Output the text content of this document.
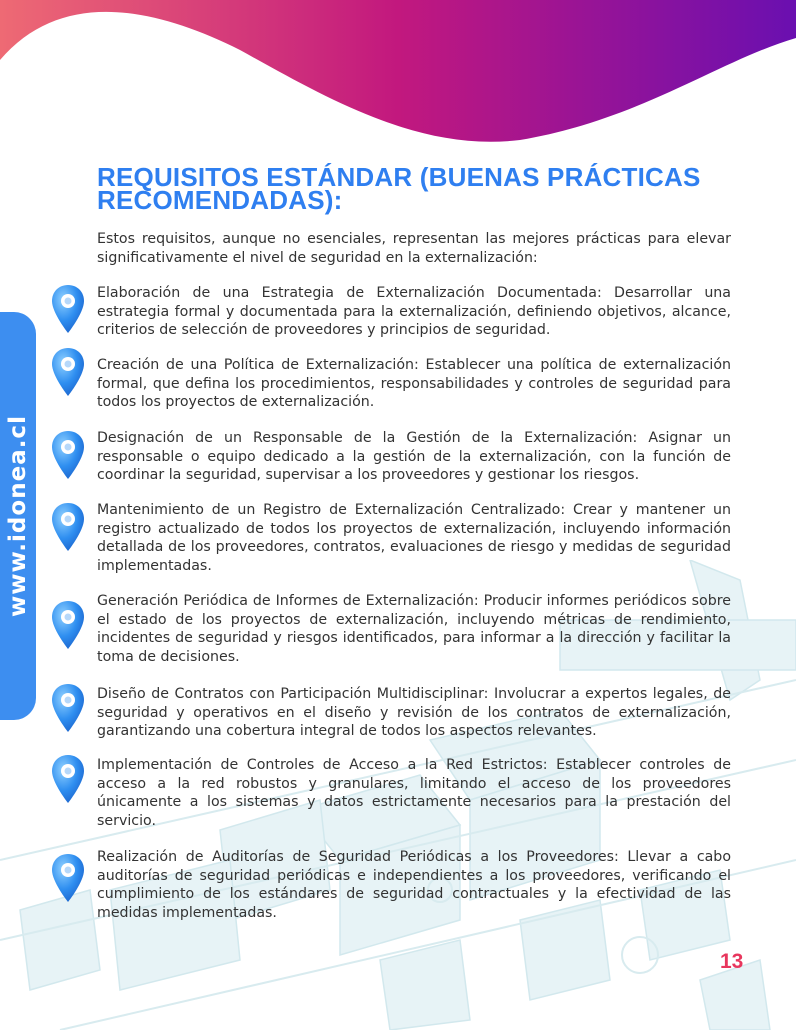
www.idonea.cl
REQUISITOS ESTÁNDAR (BUENAS PRÁCTICAS RECOMENDADAS):

Estos requisitos, aunque no esenciales, representan las mejores prácticas para elevar significativamente el nivel de seguridad en la externalización:

Elaboración de una Estrategia de Externalización Documentada: Desarrollar una estrategia formal y documentada para la externalización, definiendo objetivos, alcance, criterios de selección de proveedores y principios de seguridad.

Creación de una Política de Externalización: Establecer una política de externalización formal, que defina los procedimientos, responsabilidades y controles de seguridad para todos los proyectos de externalización.

Designación de un Responsable de la Gestión de la Externalización: Asignar un responsable o equipo dedicado a la gestión de la externalización, con la función de coordinar la seguridad, supervisar a los proveedores y gestionar los riesgos.

Mantenimiento de un Registro de Externalización Centralizado: Crear y mantener un registro actualizado de todos los proyectos de externalización, incluyendo información detallada de los proveedores, contratos, evaluaciones de riesgo y medidas de seguridad implementadas.

Generación Periódica de Informes de Externalización: Producir informes periódicos sobre el estado de los proyectos de externalización, incluyendo métricas de rendimiento, incidentes de seguridad y riesgos identificados, para informar a la dirección y facilitar la toma de decisiones.

Diseño de Contratos con Participación Multidisciplinar: Involucrar a expertos legales, de seguridad y operativos en el diseño y revisión de los contratos de externalización, garantizando una cobertura integral de todos los aspectos relevantes.

Implementación de Controles de Acceso a la Red Estrictos: Establecer controles de acceso a la red robustos y granulares, limitando el acceso de los proveedores únicamente a los sistemas y datos estrictamente necesarios para la prestación del servicio.

Realización de Auditorías de Seguridad Periódicas a los Proveedores: Llevar a cabo auditorías de seguridad periódicas e independientes a los proveedores, verificando el cumplimiento de los estándares de seguridad contractuales y la efectividad de las medidas implementadas.

13
